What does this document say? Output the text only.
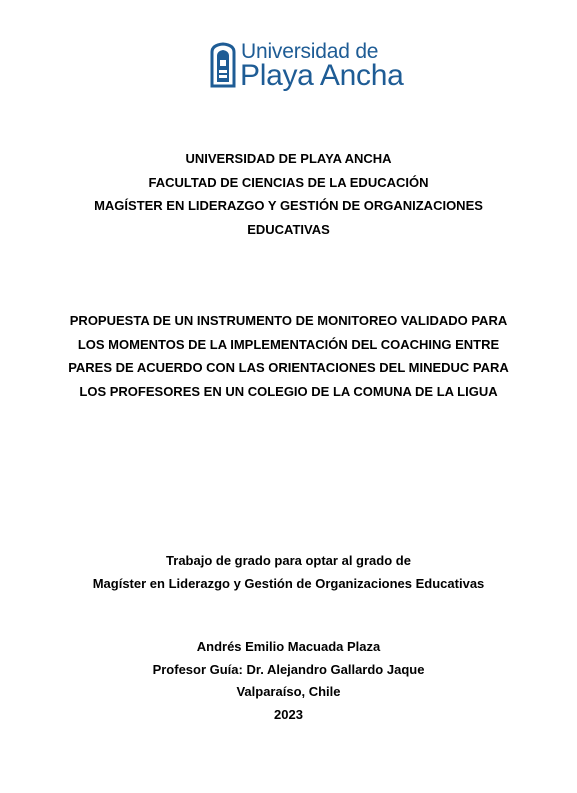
Universidad de
Playa Ancha
UNIVERSIDAD DE PLAYA ANCHA
FACULTAD DE CIENCIAS DE LA EDUCACIÓN
MAGÍSTER EN LIDERAZGO Y GESTIÓN DE ORGANIZACIONES
EDUCATIVAS
PROPUESTA DE UN INSTRUMENTO DE MONITOREO VALIDADO PARA
LOS MOMENTOS DE LA IMPLEMENTACIÓN DEL COACHING ENTRE
PARES DE ACUERDO CON LAS ORIENTACIONES DEL MINEDUC PARA
LOS PROFESORES EN UN COLEGIO DE LA COMUNA DE LA LIGUA
Trabajo de grado para optar al grado de
Magíster en Liderazgo y Gestión de Organizaciones Educativas
Andrés Emilio Macuada Plaza
Profesor Guía: Dr. Alejandro Gallardo Jaque
Valparaíso, Chile
2023
